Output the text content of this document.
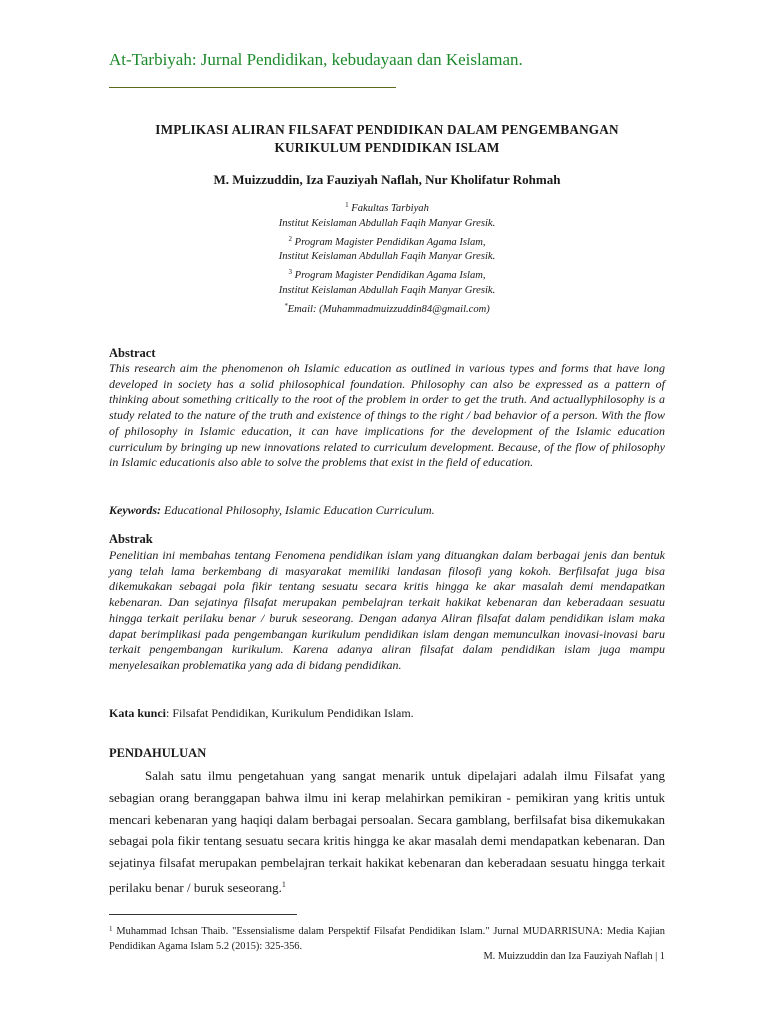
At-Tarbiyah: Jurnal Pendidikan, kebudayaan dan Keislaman.
IMPLIKASI ALIRAN FILSAFAT PENDIDIKAN DALAM PENGEMBANGAN
KURIKULUM PENDIDIKAN ISLAM
M. Muizzuddin, Iza Fauziyah Naflah, Nur Kholifatur Rohmah
$^1$ Fakultas Tarbiyah
Institut Keislaman Abdullah Faqih Manyar Gresik.
$^2$ Program Magister Pendidikan Agama Islam,
Institut Keislaman Abdullah Faqih Manyar Gresik.
$^3$ Program Magister Pendidikan Agama Islam,
Institut Keislaman Abdullah Faqih Manyar Gresik.
*Email: (Muhammadmuizzuddin84@gmail.com)
Abstract

This research aim the phenomenon oh Islamic education as outlined in various types and forms that have long developed in society has a solid philosophical foundation. Philosophy can also be expressed as a pattern of thinking about something critically to the root of the problem in order to get the truth. And actuallyphilosophy is a study related to the nature of the truth and existence of things to the right / bad behavior of a person. With the flow of philosophy in Islamic education, it can have implications for the development of the Islamic education curriculum by bringing up new innovations related to curriculum development. Because, of the flow of philosophy in Islamic educationis also able to solve the problems that exist in the field of education.

Keywords: Educational Philosophy, Islamic Education Curriculum.
Abstrak

Penelitian ini membahas tentang Fenomena pendidikan islam yang dituangkan dalam berbagai jenis dan bentuk yang telah lama berkembang di masyarakat memiliki landasan filosofi yang kokoh. Berfilsafat juga bisa dikemukakan sebagai pola fikir tentang sesuatu secara kritis hingga ke akar masalah demi mendapatkan kebenaran. Dan sejatinya filsafat merupakan pembelajran terkait hakikat kebenaran dan keberadaan sesuatu hingga terkait perilaku benar / buruk seseorang. Dengan adanya Aliran filsafat dalam pendidikan islam maka dapat berimplikasi pada pengembangan kurikulum pendidikan islam dengan memunculkan inovasi-inovasi baru terkait pengembangan kurikulum. Karena adanya aliran filsafat dalam pendidikan islam juga mampu menyelesaikan problematika yang ada di bidang pendidikan.

Kata kunci: Filsafat Pendidikan, Kurikulum Pendidikan Islam.
PENDAHULUAN

Salah satu ilmu pengetahuan yang sangat menarik untuk dipelajari adalah ilmu Filsafat yang sebagian orang beranggapan bahwa ilmu ini kerap melahirkan pemikiran - pemikiran yang kritis untuk mencari kebenaran yang haqiqi dalam berbagai persoalan. Secara gamblang, berfilsafat bisa dikemukakan sebagai pola fikir tentang sesuatu secara kritis hingga ke akar masalah demi mendapatkan kebenaran. Dan sejatinya filsafat merupakan pembelajran terkait hakikat kebenaran dan keberadaan sesuatu hingga terkait perilaku benar / buruk seseorang.$^1$

$^1$ Muhammad Ichsan Thaib. "Essensialisme dalam Perspektif Filsafat Pendidikan Islam." Jurnal MUDARRISUNA: Media Kajian Pendidikan Agama Islam 5.2 (2015): 325-356.

M. Muizzuddin dan Iza Fauziyah Naflah | 1
